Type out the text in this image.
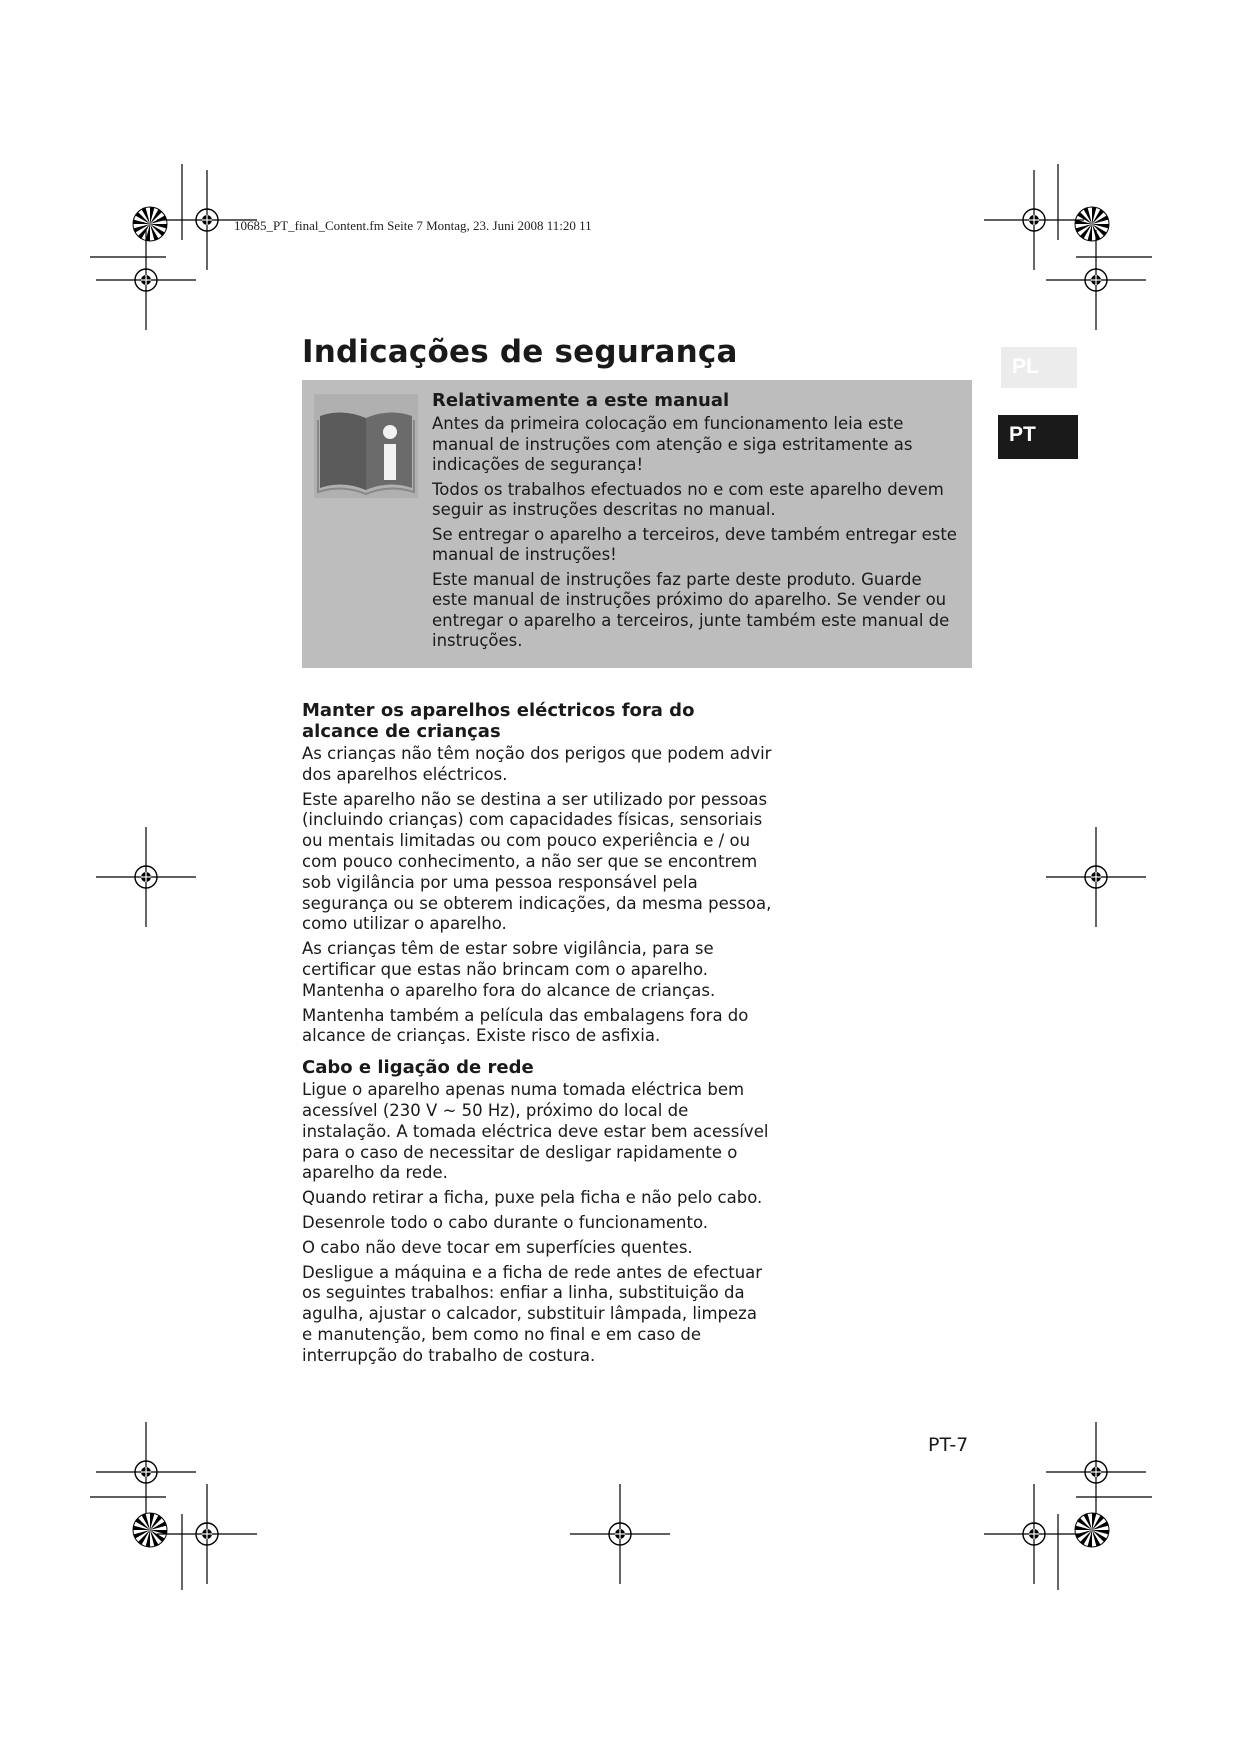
10685_PT_final_Content.fm Seite 7 Montag, 23. Juni 2008 11:20 11
Indicações de segurança	PL
PT
Relativamente a este manual

Antes da primeira colocação em funcionamento leia este manual de instruções com atenção e siga estritamente as indicações de segurança!

Todos os trabalhos efectuados no e com este aparelho devem seguir as instruções descritas no manual.

Se entregar o aparelho a terceiros, deve também entregar este manual de instruções!

Este manual de instruções faz parte deste produto. Guarde este manual de instruções próximo do aparelho. Se vender ou entregar o aparelho a terceiros, junte também este manual de instruções.

Manter os aparelhos eléctricos fora do alcance de crianças

As crianças não têm noção dos perigos que podem advir dos aparelhos eléctricos.

Este aparelho não se destina a ser utilizado por pessoas (incluindo crianças) com capacidades físicas, sensoriais ou mentais limitadas ou com pouco experiência e / ou com pouco conhecimento, a não ser que se encontrem sob vigilância por uma pessoa responsável pela segurança ou se obterem indicações, da mesma pessoa, como utilizar o aparelho.

As crianças têm de estar sobre vigilância, para se certificar que estas não brincam com o aparelho. Mantenha o aparelho fora do alcance de crianças.

Mantenha também a película das embalagens fora do alcance de crianças. Existe risco de asfixia.

Cabo e ligação de rede

Ligue o aparelho apenas numa tomada eléctrica bem acessível (230 V ~ 50 Hz), próximo do local de instalação. A tomada eléctrica deve estar bem acessível para o caso de necessitar de desligar rapidamente o aparelho da rede.

Quando retirar a ficha, puxe pela ficha e não pelo cabo.

Desenrole todo o cabo durante o funcionamento.

O cabo não deve tocar em superfícies quentes.

Desligue a máquina e a ficha de rede antes de efectuar os seguintes trabalhos: enfiar a linha, substituição da agulha, ajustar o calcador, substituir lâmpada, limpeza e manutenção, bem como no final e em caso de interrupção do trabalho de costura.

PT-7
